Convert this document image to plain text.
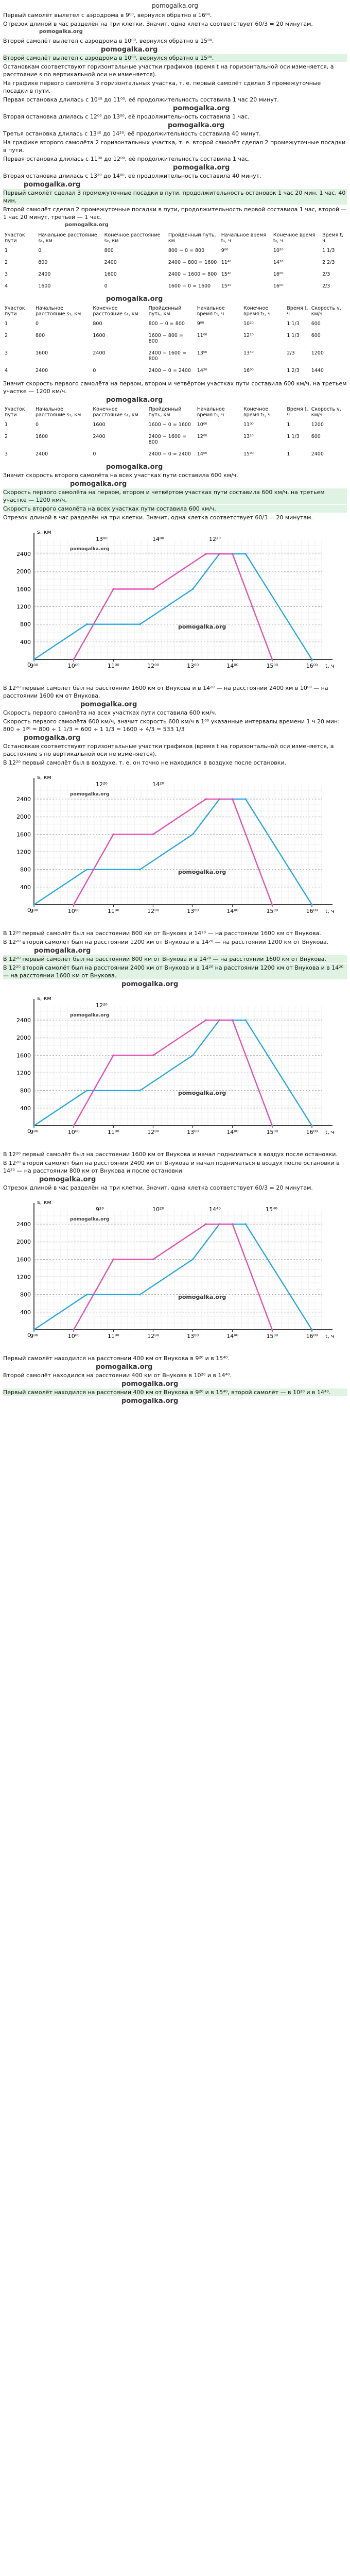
pomogalka.org

Первый самолёт вылетел с аэродрома в 9⁰⁰, вернулся обратно в 16⁰⁰.

Отрезок длиной в час разделён на три клетки. Значит, одна клетка соответствует 60/3 = 20 минутам.

pomogalka.org

Второй самолёт вылетел с аэродрома в 10⁰⁰, вернулся обратно в 15⁰⁰.

pomogalka.org

Второй самолёт вылетел с аэродрома в 10⁰⁰, вернулся обратно в 15⁰⁰.

Остановкам соответствуют горизонтальные участки графиков (время t на горизонтальной оси изменяется, а расстояние s по вертикальной оси не изменяется).

На графике первого самолёта 3 горизонтальных участка, т. е. первый самолёт сделал 3 промежуточные посадки в пути.

Первая остановка длилась с 10⁴⁰ до 11⁰⁰, её продолжительность составила 1 час 20 минут.

pomogalka.org

Вторая остановка длилась с 12⁰⁰ до 13⁰⁰, её продолжительность составила 1 час.

pomogalka.org

Третья остановка длилась с 13⁴⁰ до 14²⁰, её продолжительность составила 40 минут.

На графике второго самолёта 2 горизонтальных участка, т. е. второй самолёт сделал 2 промежуточные посадки в пути.

Первая остановка длилась с 11⁰⁰ до 12⁰⁰, её продолжительность составила 1 час.

pomogalka.org

Вторая остановка длилась с 13²⁰ до 14⁰⁰, её продолжительность составила 40 минут.

pomogalka.org

Первый самолёт сделал 3 промежуточные посадки в пути, продолжительность остановок 1 час 20 мин, 1 час, 40 мин.

Второй самолёт сделал 2 промежуточные посадки в пути, продолжительность первой составила 1 час, второй — 1 час 20 минут, третьей — 1 час.

pomogalka.org
Участок пути	Начальное расстояние s₁, км	Конечное расстояние s₂, км	Пройденный путь, км	Начальное время t₁, ч	Конечное время t₂, ч	Время t, ч
1	0	800	800 − 0 = 800	9⁰⁰	10²⁰	1 1/3
2	800	2400	2400 − 800 = 1600	11⁴⁰	14²⁰	2 2/3
3	2400	1600	2400 − 1600 = 800	15⁴⁰	16⁰⁰	2/3
4	1600	0	1600 − 0 = 1600	15²⁰	16⁰⁰	2/3
pomogalka.org
Участок пути	Начальное расстояние s₁, км	Конечное расстояние s₂, км	Пройденный путь, км	Начальное время t₁, ч	Конечное время t₂, ч	Время t, ч	Скорость v, км/ч
1	0	800	800 − 0 = 800	9⁰⁰	10²⁰	1 1/3	600
2	800	1600	1600 − 800 = 800	11⁰⁰	12²⁰	1 1/3	600
3	1600	2400	2400 − 1600 = 800	13⁰⁰	13⁴⁰	2/3	1200
4	2400	0	2400 − 0 = 2400	14²⁰	16⁰⁰	1 2/3	1440

Значит скорость первого самолёта на первом, втором и четвёртом участках пути составила 600 км/ч, на третьем участке — 1200 км/ч.

pomogalka.org
Участок пути	Начальное расстояние s₁, км	Конечное расстояние s₂, км	Пройденный путь, км	Начальное время t₁, ч	Конечное время t₂, ч	Время t, ч	Скорость v, км/ч
1	0	1600	1600 − 0 = 1600	10⁰⁰	11⁰⁰	1	1200
2	1600	2400	2400 − 1600 = 800	12⁰⁰	13²⁰	1 1/3	600
3	2400	0	2400 − 0 = 2400	14⁰⁰	15⁰⁰	1	2400
pomogalka.org

Значит скорость второго самолёта на всех участках пути составила 600 км/ч.

pomogalka.org

Скорость первого самолёта на первом, втором и четвёртом участках пути составила 600 км/ч, на третьем участке — 1200 км/ч.

Скорость второго самолёта на всех участках пути составила 600 км/ч.

Отрезок длиной в час разделён на три клетки. Значит, одна клетка соответствует 60/3 = 20 минутам.

s, км
t, ч
400
800
1200
1600
2000
2400
0
9⁰⁰	10⁰⁰	11⁰⁰	12⁰⁰	13⁰⁰	14⁰⁰	15⁰⁰	16⁰⁰
13⁰⁰	14⁰⁰	12²⁰
pomogalka.org
pomogalka.org

В 12²⁰ первый самолёт был на расстоянии 1600 км от Внукова и в 14²⁰ — на расстоянии 2400 км в 10⁰⁰ — на расстоянии 1600 км от Внукова.

pomogalka.org

Скорость первого самолёта на всех участках пути составила 600 км/ч.

Скорость первого самолёта 600 км/ч, значит скорость 600 км/ч в 1⁰⁰ указанные интервалы времени 1 ч 20 мин: 800 ÷ 1²⁰ = 800 ÷ 1 1/3 = 600 ÷ 1 1/3 = 1600 ÷ 4/3 = 533 1/3

pomogalka.org

Остановкам соответствуют горизонтальные участки графиков (время t на горизонтальной оси изменяется, а расстояние s по вертикальной оси не изменяется).

В 12²⁰ первый самолёт был в воздухе, т. е. он точно не находился в воздухе после остановки.

s, км
t, ч
400
800
1200
1600
2000
2400
0
9⁰⁰	10⁰⁰	11⁰⁰	12⁰⁰	13⁰⁰	14⁰⁰	15⁰⁰	16⁰⁰
12²⁰	14²⁰
pomogalka.org
pomogalka.org

В 12²⁰ первый самолёт был на расстоянии 800 км от Внукова и 14²⁰ — на расстоянии 1600 км от Внукова.

В 12²⁰ второй самолёт был на расстоянии 1200 км от Внукова и в 14²⁰ — на расстоянии 1200 км от Внукова.

pomogalka.org

В 12²⁰ первый самолёт был на расстоянии 800 км от Внукова и в 14²⁰ — на расстоянии 1600 км от Внукова.

В 12²⁰ второй самолёт был на расстоянии 2400 км от Внукова и в 14²⁰ на расстоянии 1200 км от Внукова и в 14²⁰ — на расстоянии 1600 км от Внукова.

pomogalka.org
s, км
t, ч
400
800
1200
1600
2000
2400
0
9⁰⁰	10⁰⁰	11⁰⁰	12⁰⁰	13⁰⁰	14⁰⁰	15⁰⁰	16⁰⁰
12²⁰
pomogalka.org
pomogalka.org

В 12²⁰ первый самолёт был на расстоянии 1600 км от Внукова и начал подниматься в воздух после остановки.

В 12²⁰ второй самолёт был на расстоянии 2400 км от Внукова и начал подниматься в воздух после остановки в 14²⁰ — на расстоянии 800 км от Внукова и после остановки.

pomogalka.org

Отрезок длиной в час разделён на три клетки. Значит, одна клетка соответствует 60/3 = 20 минутам.

s, км
t, ч
400
800
1200
1600
2000
2400
0
9⁰⁰	10⁰⁰	11⁰⁰	12⁰⁰	13⁰⁰	14⁰⁰	15⁰⁰	16⁰⁰
9²⁰	10²⁰	14⁴⁰	15⁴⁰
pomogalka.org
pomogalka.org

Первый самолёт находился на расстоянии 400 км от Внукова в 9²⁰ и в 15⁴⁰.

pomogalka.org

Второй самолёт находился на расстоянии 400 км от Внукова в 10²⁰ и в 14⁴⁰.

pomogalka.org

Первый самолёт находился на расстоянии 400 км от Внукова в 9²⁰ и в 15⁴⁰, второй самолёт — в 10²⁰ и в 14⁴⁰.

pomogalka.org
